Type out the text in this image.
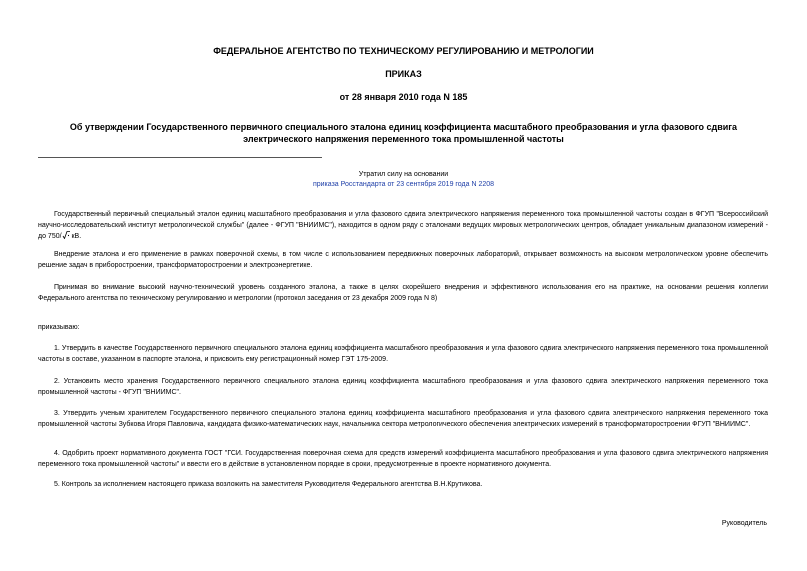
ФЕДЕРАЛЬНОЕ АГЕНТСТВО ПО ТЕХНИЧЕСКОМУ РЕГУЛИРОВАНИЮ И МЕТРОЛОГИИ
ПРИКАЗ
от 28 января 2010 года N 185
Об утверждении Государственного первичного специального эталона единиц коэффициента масштабного преобразования и угла фазового сдвига электрического напряжения переменного тока промышленной частоты
Утратил силу на основании
приказа Росстандарта от 23 сентября 2019 года N 2208
Государственный первичный специальный эталон единиц масштабного преобразования и угла фазового сдвига электрического напряжения переменного тока промышленной частоты создан в ФГУП "Всероссийский научно-исследовательский институт метрологической службы" (далее - ФГУП "ВНИИМС"), находится в одном ряду с эталонами ведущих мировых метрологических центров, обладает уникальным диапазоном измерений - до 750/ кВ.
Внедрение эталона и его применение в рамках поверочной схемы, в том числе с использованием передвижных поверочных лабораторий, открывает возможность на высоком метрологическом уровне обеспечить решение задач в приборостроении, трансформаторостроении и электроэнергетике.
Принимая во внимание высокий научно-технический уровень созданного эталона, а также в целях скорейшего внедрения и эффективного использования его на практике, на основании решения коллегии Федерального агентства по техническому регулированию и метрологии (протокол заседания от 23 декабря 2009 года N 8)
приказываю:
1. Утвердить в качестве Государственного первичного специального эталона единиц коэффициента масштабного преобразования и угла фазового сдвига электрического напряжения переменного тока промышленной частоты в составе, указанном в паспорте эталона, и присвоить ему регистрационный номер ГЭТ 175-2009.
2. Установить место хранения Государственного первичного специального эталона единиц коэффициента масштабного преобразования и угла фазового сдвига электрического напряжения переменного тока промышленной частоты - ФГУП "ВНИИМС".
3. Утвердить ученым хранителем Государственного первичного специального эталона единиц коэффициента масштабного преобразования и угла фазового сдвига электрического напряжения переменного тока промышленной частоты Зубкова Игоря Павловича, кандидата физико-математических наук, начальника сектора метрологического обеспечения электрических измерений в трансформаторостроении ФГУП "ВНИИМС".
4. Одобрить проект нормативного документа ГОСТ "ГСИ. Государственная поверочная схема для средств измерений коэффициента масштабного преобразования и угла фазового сдвига электрического напряжения переменного тока промышленной частоты" и ввести его в действие в установленном порядке в сроки, предусмотренные в проекте нормативного документа.
5. Контроль за исполнением настоящего приказа возложить на заместителя Руководителя Федерального агентства В.Н.Крутикова.
Руководитель
